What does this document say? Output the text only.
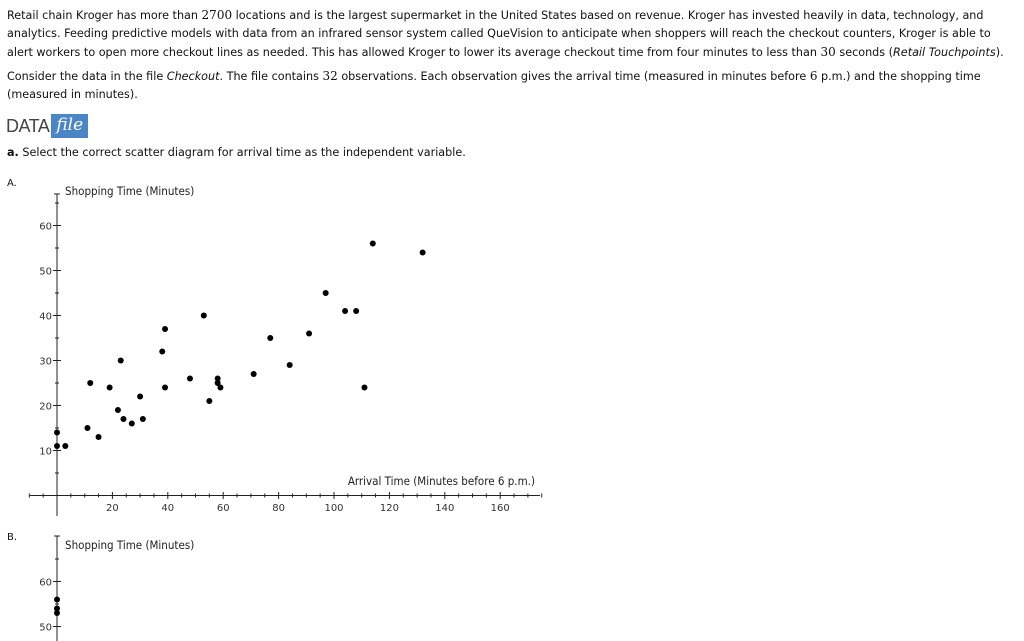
Retail chain Kroger has more than 2700 locations and is the largest supermarket in the United States based on revenue. Kroger has invested heavily in data, technology, and analytics. Feeding predictive models with data from an infrared sensor system called QueVision to anticipate when shoppers will reach the checkout counters, Kroger is able to alert workers to open more checkout lines as needed. This has allowed Kroger to lower its average checkout time from four minutes to less than 30 seconds (Retail Touchpoints).

Consider the data in the file Checkout. The file contains 32 observations. Each observation gives the arrival time (measured in minutes before 6 p.m.) and the shopping time (measured in minutes).

DATA file
a. Select the correct scatter diagram for arrival time as the independent variable.
A.
20	40	60	80	100	120	140	160
10
20
30
40
50
60
Shopping Time (Minutes)
Arrival Time (Minutes before 6 p.m.)
B.
50
60
Shopping Time (Minutes)
